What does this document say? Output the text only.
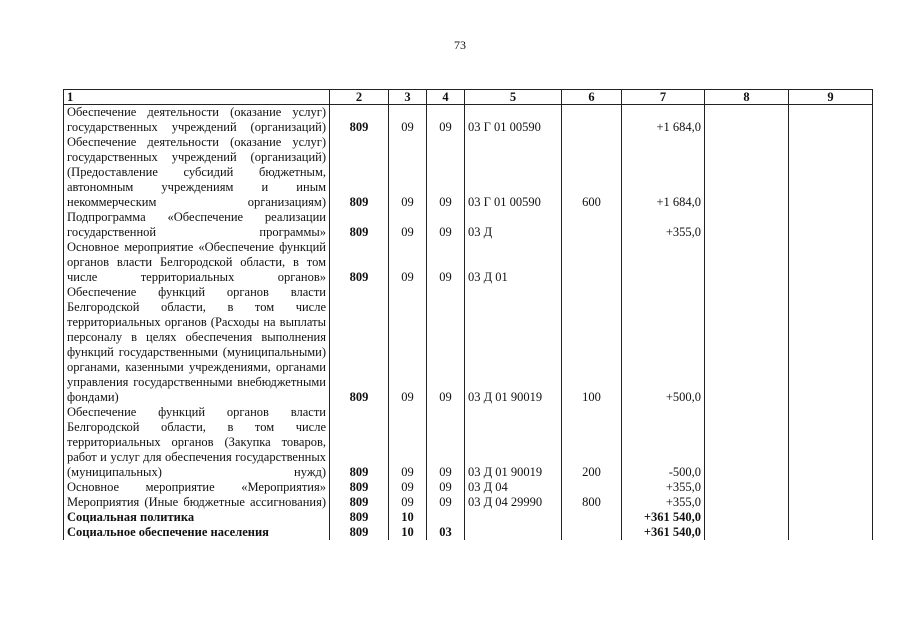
73
1	2	3	4	5	6	7	8	9
Обеспечение деятельности (оказание услуг) государственных учреждений (организаций)	809	09	09	03 Г 01 00590		+1 684,0		
Обеспечение деятельности (оказание услуг) государственных учреждений (организаций) (Предоставление субсидий бюджетным, автономным учреждениям и иным некоммерческим организациям)	809	09	09	03 Г 01 00590	600	+1 684,0		
Подпрограмма «Обеспечение реализации государственной программы»	809	09	09	03 Д		+355,0		
Основное мероприятие «Обеспечение функций органов власти Белгородской области, в том числе территориальных органов»	809	09	09	03 Д 01				
Обеспечение функций органов власти Белгородской области, в том числе территориальных органов (Расходы на выплаты персоналу в целях обеспечения выполнения функций государственными (муниципальными) органами, казенными учреждениями, органами управления государственными внебюджетными фондами)	809	09	09	03 Д 01 90019	100	+500,0		
Обеспечение функций органов власти Белгородской области, в том числе территориальных органов (Закупка товаров, работ и услуг для обеспечения государственных (муниципальных) нужд)	809	09	09	03 Д 01 90019	200	-500,0		
Основное мероприятие «Мероприятия»	809	09	09	03 Д 04		+355,0		
Мероприятия (Иные бюджетные ассигнования)	809	09	09	03 Д 04 29990	800	+355,0		
Социальная политика	809	10				+361 540,0		
Социальное обеспечение населения	809	10	03			+361 540,0		
